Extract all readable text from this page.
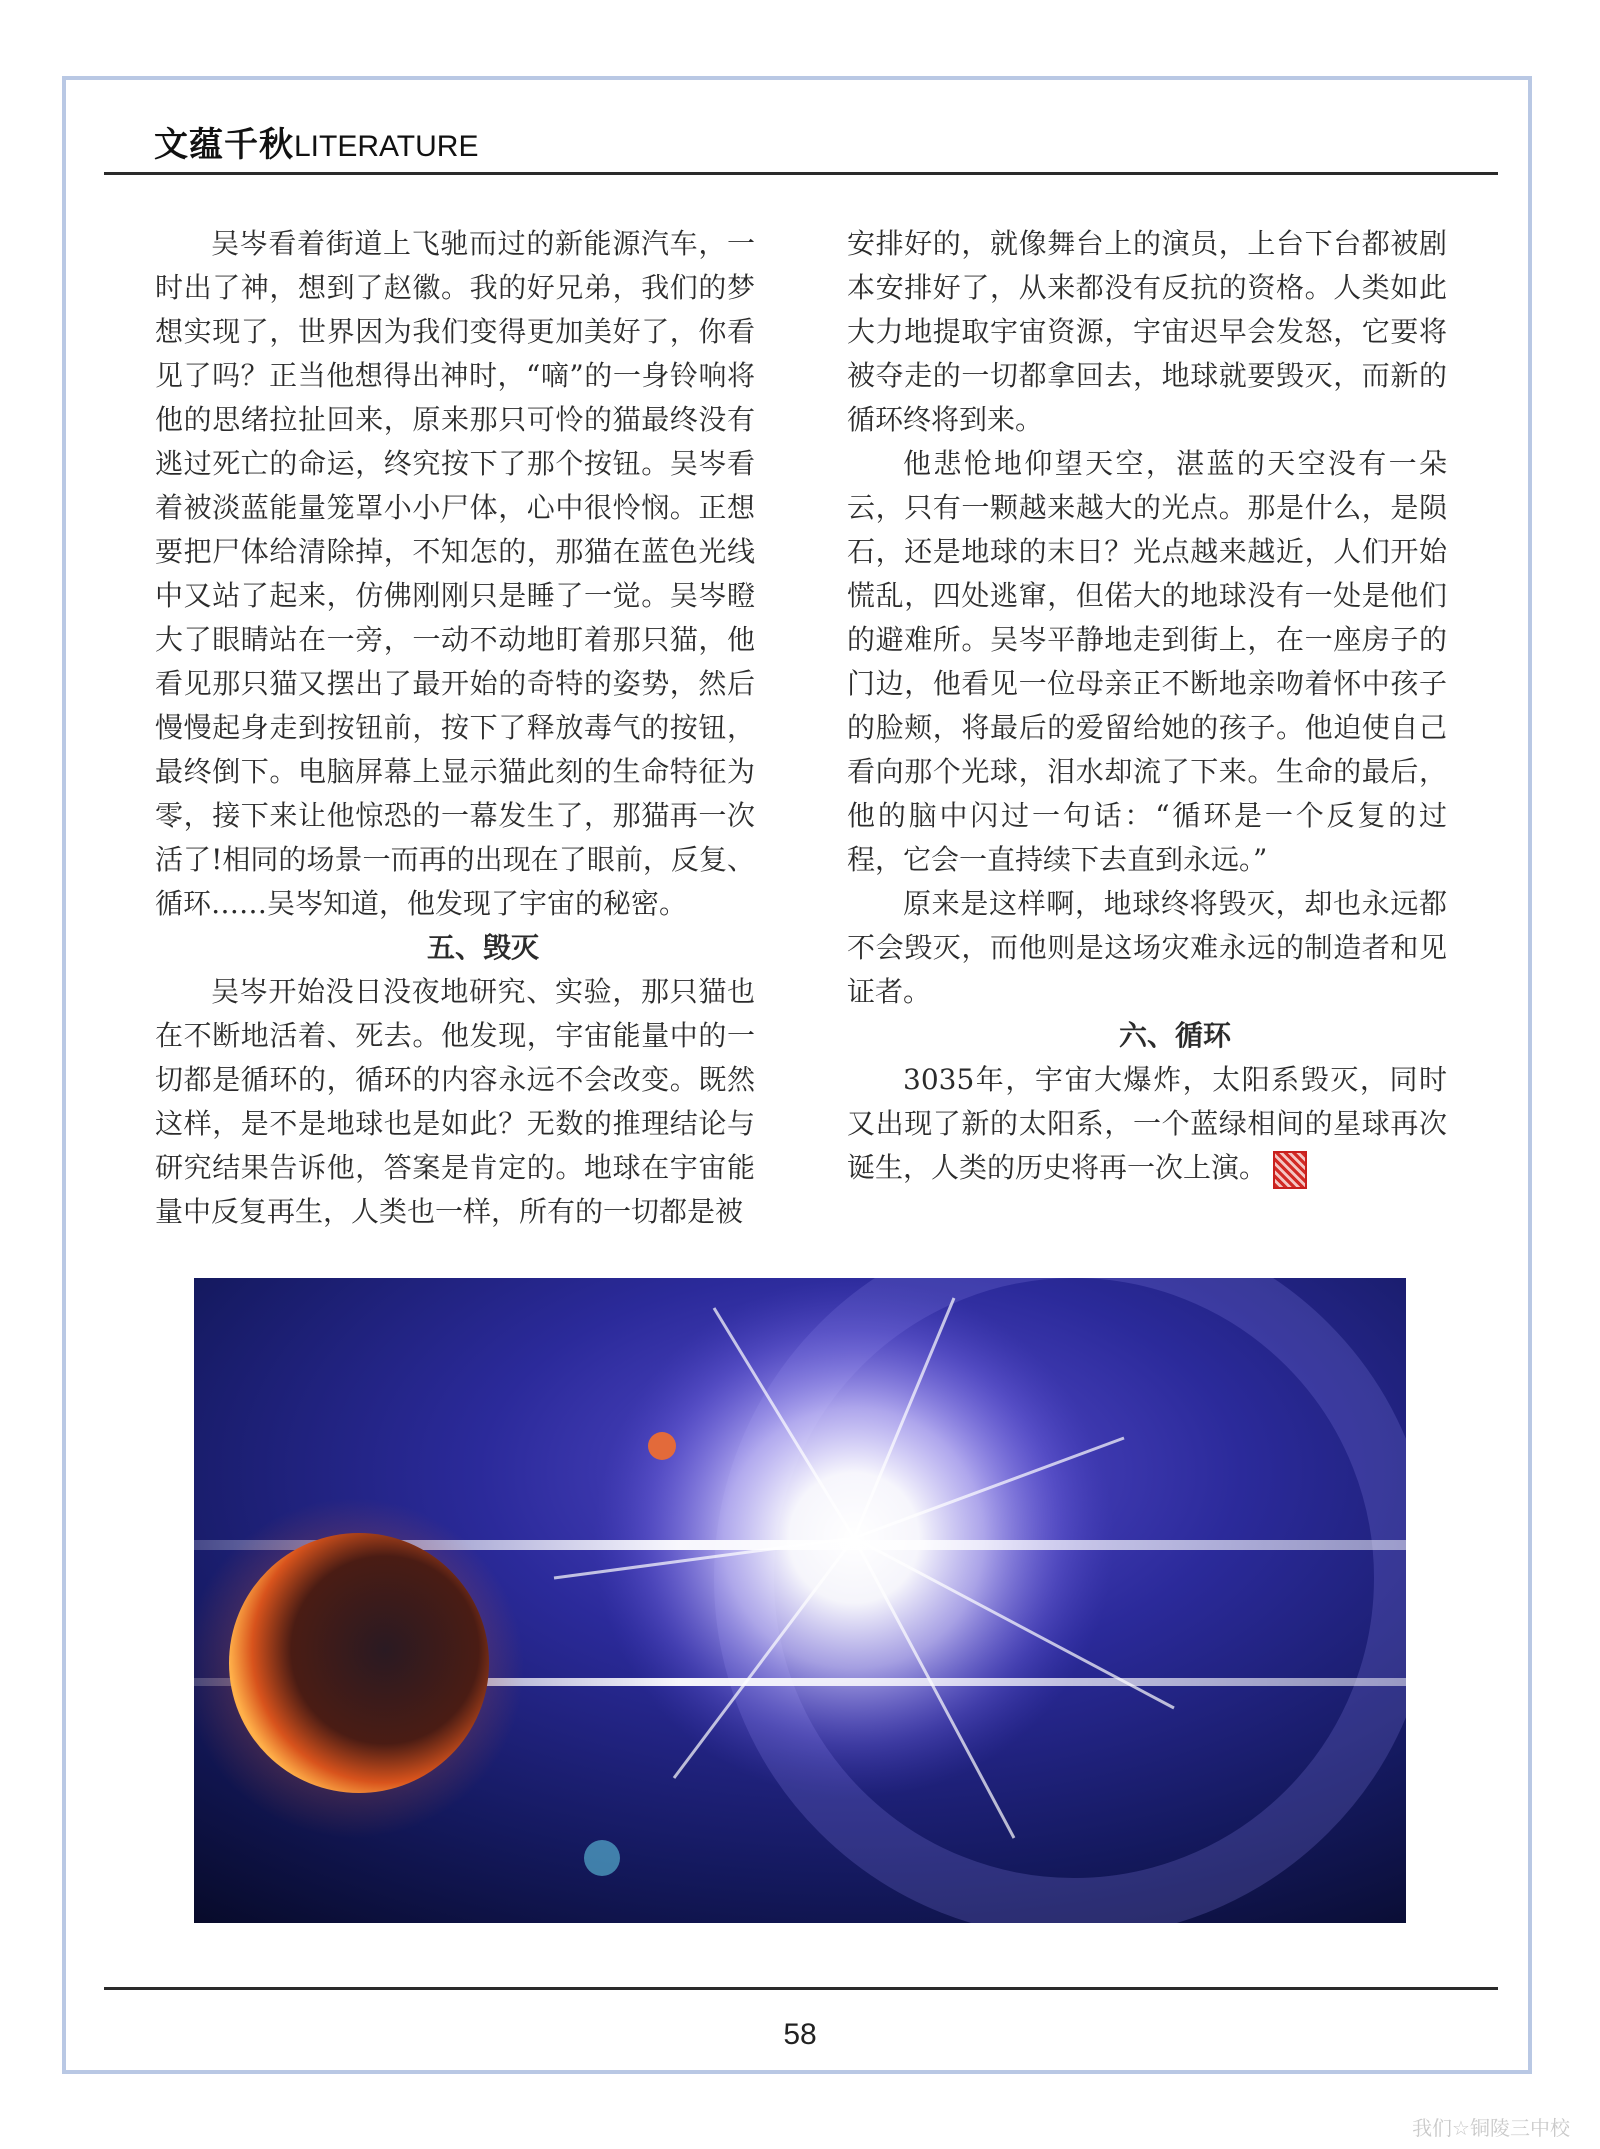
文蕴千秋LITERATURE

吴岑看着街道上飞驰而过的新能源汽车，一时出了神，想到了赵徽。我的好兄弟，我们的梦想实现了，世界因为我们变得更加美好了，你看见了吗？正当他想得出神时，“嘀”的一身铃响将他的思绪拉扯回来，原来那只可怜的猫最终没有逃过死亡的命运，终究按下了那个按钮。吴岑看着被淡蓝能量笼罩小小尸体，心中很怜悯。正想要把尸体给清除掉，不知怎的，那猫在蓝色光线中又站了起来，仿佛刚刚只是睡了一觉。吴岑瞪大了眼睛站在一旁，一动不动地盯着那只猫，他看见那只猫又摆出了最开始的奇特的姿势，然后慢慢起身走到按钮前，按下了释放毒气的按钮，最终倒下。电脑屏幕上显示猫此刻的生命特征为零，接下来让他惊恐的一幕发生了，那猫再一次活了!相同的场景一而再的出现在了眼前，反复、循环……吴岑知道，他发现了宇宙的秘密。

五、毁灭

吴岑开始没日没夜地研究、实验，那只猫也在不断地活着、死去。他发现，宇宙能量中的一切都是循环的，循环的内容永远不会改变。既然这样，是不是地球也是如此？无数的推理结论与研究结果告诉他，答案是肯定的。地球在宇宙能量中反复再生，人类也一样，所有的一切都是被

安排好的，就像舞台上的演员，上台下台都被剧本安排好了，从来都没有反抗的资格。人类如此大力地提取宇宙资源，宇宙迟早会发怒，它要将被夺走的一切都拿回去，地球就要毁灭，而新的循环终将到来。

他悲怆地仰望天空，湛蓝的天空没有一朵云，只有一颗越来越大的光点。那是什么，是陨石，还是地球的末日？光点越来越近，人们开始慌乱，四处逃窜，但偌大的地球没有一处是他们的避难所。吴岑平静地走到街上，在一座房子的门边，他看见一位母亲正不断地亲吻着怀中孩子的脸颊，将最后的爱留给她的孩子。他迫使自己看向那个光球，泪水却流了下来。生命的最后，他的脑中闪过一句话：“循环是一个反复的过程，它会一直持续下去直到永远。”

原来是这样啊，地球终将毁灭，却也永远都不会毁灭，而他则是这场灾难永远的制造者和见证者。

六、循环

3035年，宇宙大爆炸，太阳系毁灭，同时又出现了新的太阳系，一个蓝绿相间的星球再次诞生，人类的历史将再一次上演。

58
我们☆铜陵三中校
